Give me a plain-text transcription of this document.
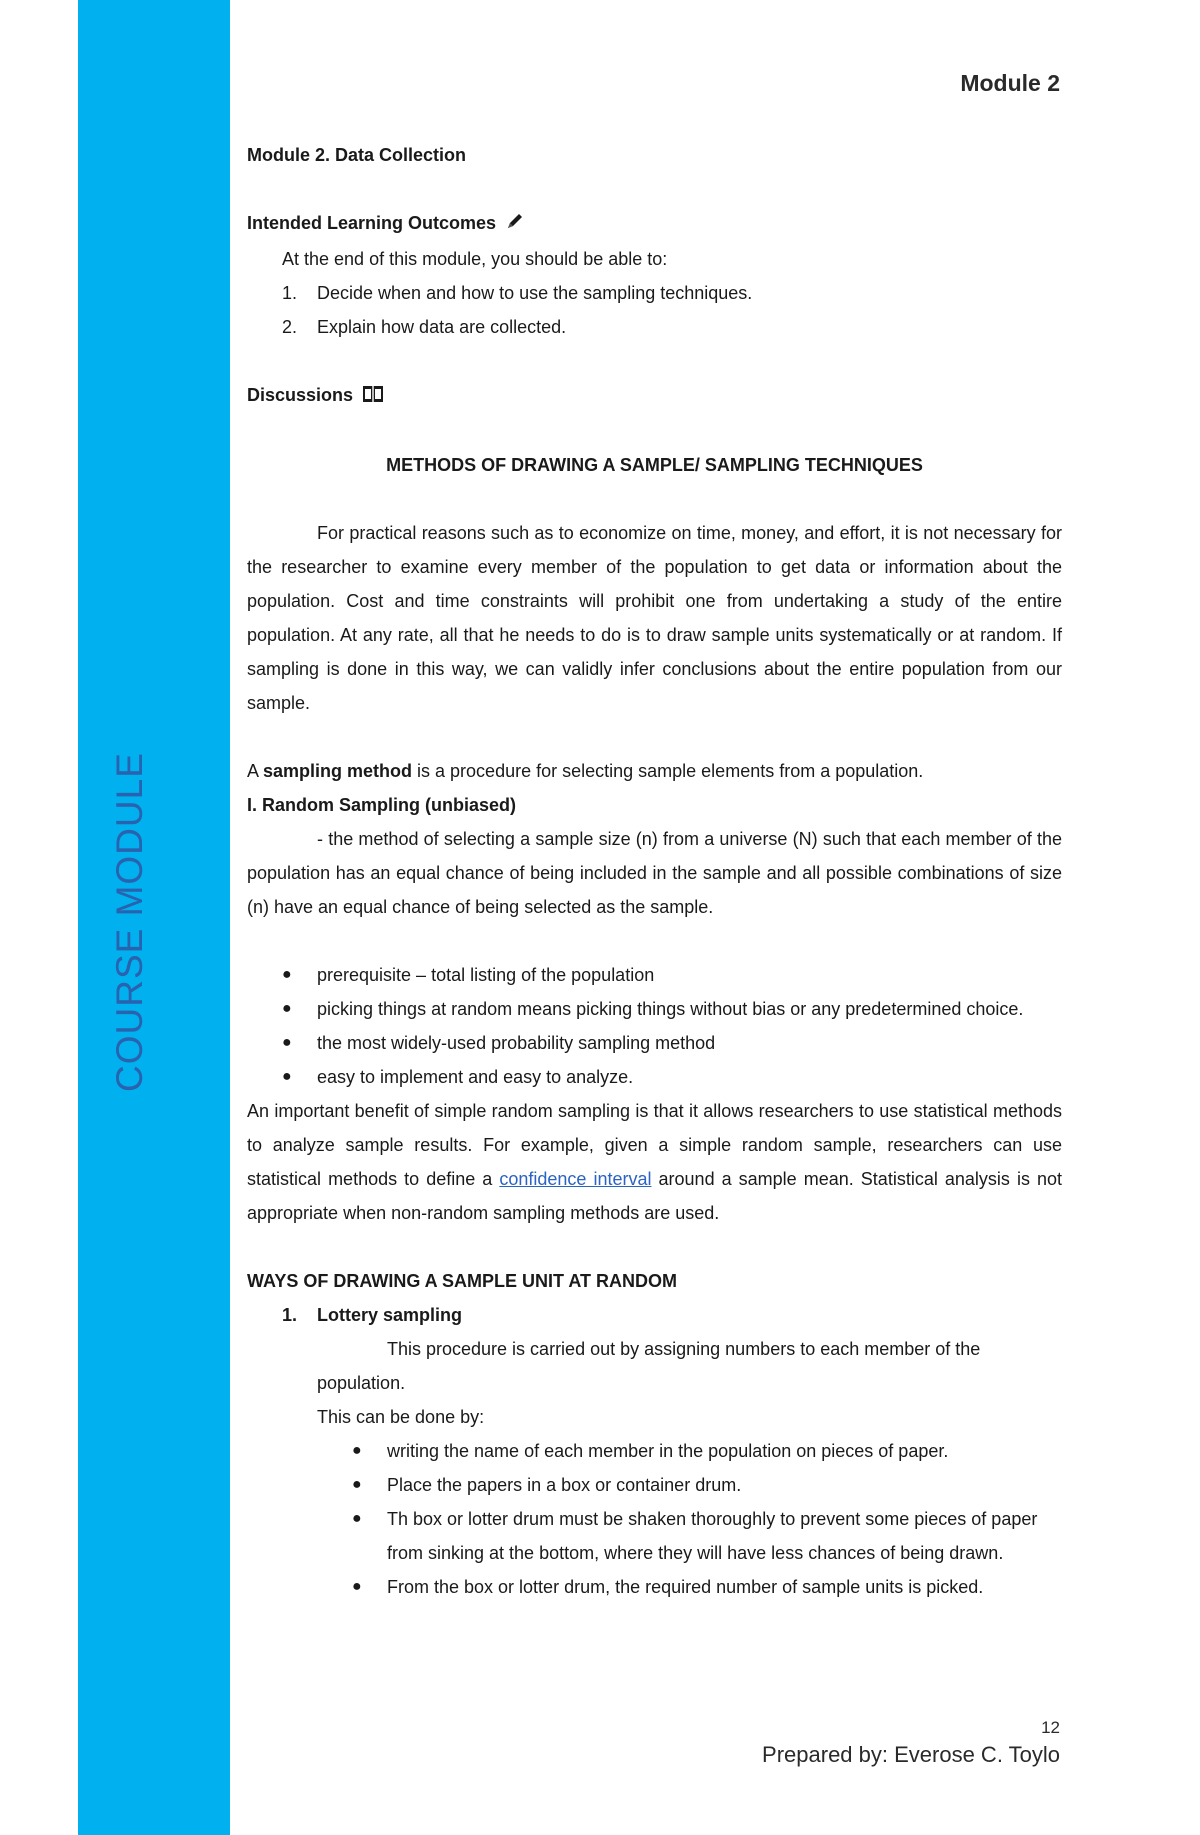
COURSE MODULE
Module 2
Module 2. Data Collection
Intended Learning Outcomes
At the end of this module, you should be able to:
1.	Decide when and how to use the sampling techniques.
2.	Explain how data are collected.
Discussions
METHODS OF DRAWING A SAMPLE/ SAMPLING TECHNIQUES

For practical reasons such as to economize on time, money, and effort, it is not necessary for the researcher to examine every member of the population to get data or information about the population. Cost and time constraints will prohibit one from undertaking a study of the entire population. At any rate, all that he needs to do is to draw sample units systematically or at random. If sampling is done in this way, we can validly infer conclusions about the entire population from our sample.

A sampling method is a procedure for selecting sample elements from a population.

I. Random Sampling (unbiased)

- the method of selecting a sample size (n) from a universe (N) such that each member of the population has an equal chance of being included in the sample and all possible combinations of size (n) have an equal chance of being selected as the sample.

●	prerequisite – total listing of the population
●	picking things at random means picking things without bias or any predetermined choice.
●	the most widely-used probability sampling method
●	easy to implement and easy to analyze.

An important benefit of simple random sampling is that it allows researchers to use statistical methods to analyze sample results. For example, given a simple random sample, researchers can use statistical methods to define a confidence interval around a sample mean. Statistical analysis is not appropriate when non-random sampling methods are used.

WAYS OF DRAWING A SAMPLE UNIT AT RANDOM
1.	Lottery sampling

This procedure is carried out by assigning numbers to each member of the population.

This can be done by:
●	writing the name of each member in the population on pieces of paper.
●	Place the papers in a box or container drum.
●	Th box or lotter drum must be shaken thoroughly to prevent some pieces of paper from sinking at the bottom, where they will have less chances of being drawn.
●	From the box or lotter drum, the required number of sample units is picked.
12
Prepared by: Everose C. Toylo
